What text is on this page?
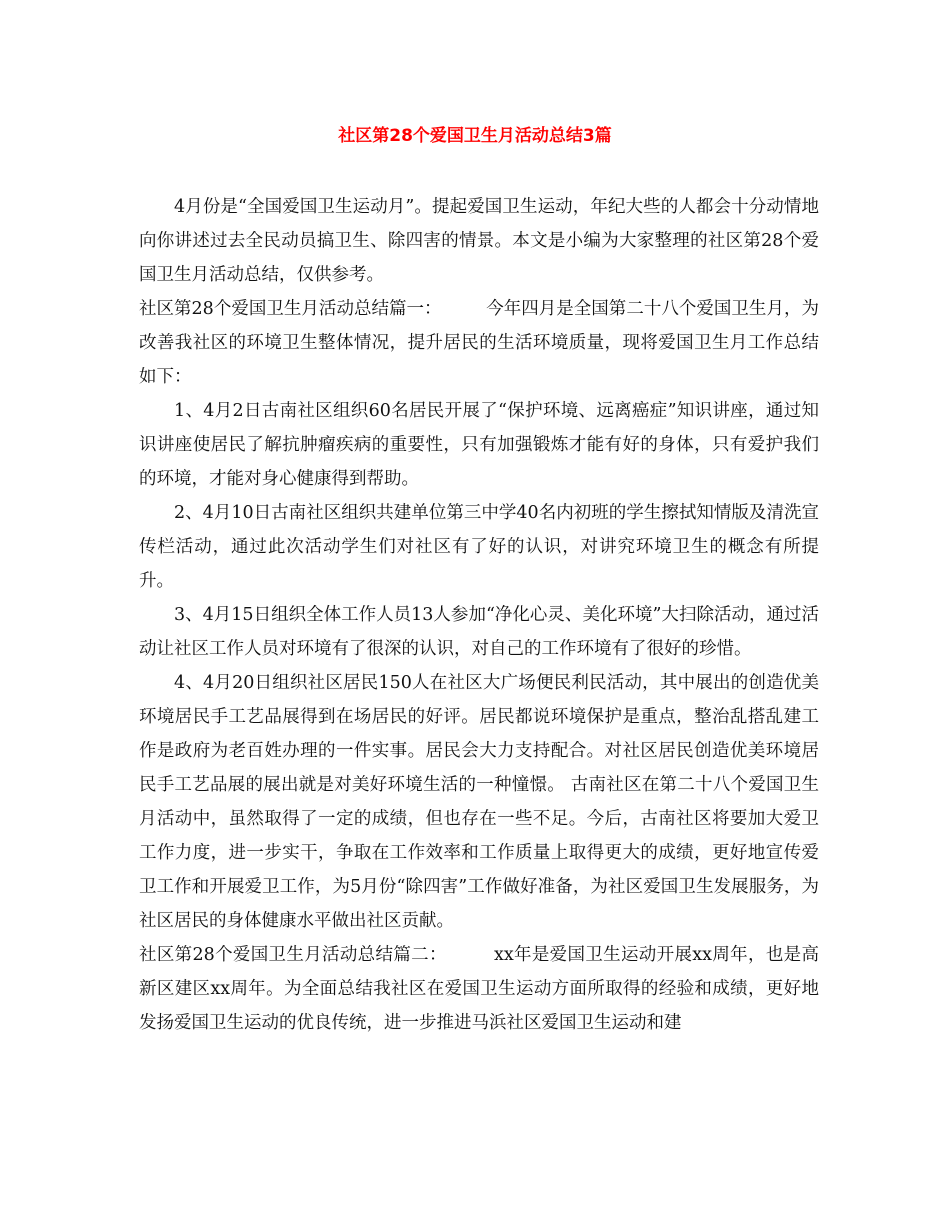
社区第28个爱国卫生月活动总结3篇

4月份是“全国爱国卫生运动月”。提起爱国卫生运动，年纪大些的人都会十分动情地向你讲述过去全民动员搞卫生、除四害的情景。本文是小编为大家整理的社区第28个爱国卫生月活动总结，仅供参考。

社区第28个爱国卫生月活动总结篇一：	今年四月是全国第二十八个爱国卫生月，为改善我社区的环境卫生整体情况，提升居民的生活环境质量，现将爱国卫生月工作总结如下：

1、4月2日古南社区组织60名居民开展了“保护环境、远离癌症”知识讲座，通过知识讲座使居民了解抗肿瘤疾病的重要性，只有加强锻炼才能有好的身体，只有爱护我们的环境，才能对身心健康得到帮助。

2、4月10日古南社区组织共建单位第三中学40名内初班的学生擦拭知情版及清洗宣传栏活动，通过此次活动学生们对社区有了好的认识，对讲究环境卫生的概念有所提升。

3、4月15日组织全体工作人员13人参加“净化心灵、美化环境”大扫除活动，通过活动让社区工作人员对环境有了很深的认识，对自己的工作环境有了很好的珍惜。

4、4月20日组织社区居民150人在社区大广场便民利民活动，其中展出的创造优美环境居民手工艺品展得到在场居民的好评。居民都说环境保护是重点，整治乱搭乱建工作是政府为老百姓办理的一件实事。居民会大力支持配合。对社区居民创造优美环境居民手工艺品展的展出就是对美好环境生活的一种憧憬。 古南社区在第二十八个爱国卫生月活动中，虽然取得了一定的成绩，但也存在一些不足。今后，古南社区将要加大爱卫工作力度，进一步实干，争取在工作效率和工作质量上取得更大的成绩，更好地宣传爱卫工作和开展爱卫工作，为5月份“除四害”工作做好准备，为社区爱国卫生发展服务，为社区居民的身体健康水平做出社区贡献。

社区第28个爱国卫生月活动总结篇二：	xx年是爱国卫生运动开展xx周年，也是高新区建区xx周年。为全面总结我社区在爱国卫生运动方面所取得的经验和成绩，更好地发扬爱国卫生运动的优良传统，进一步推进马浜社区爱国卫生运动和建
